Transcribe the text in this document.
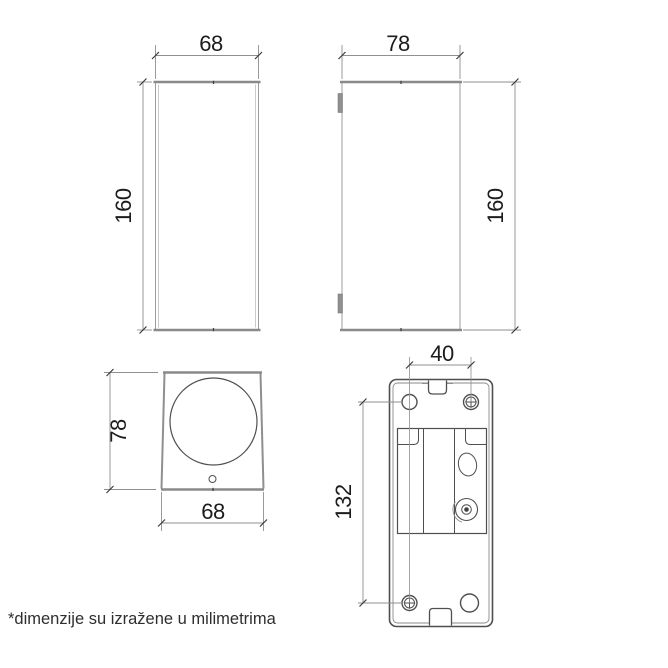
68
160
78
160
78
68
40
132
*dimenzije su izražene u milimetrima
